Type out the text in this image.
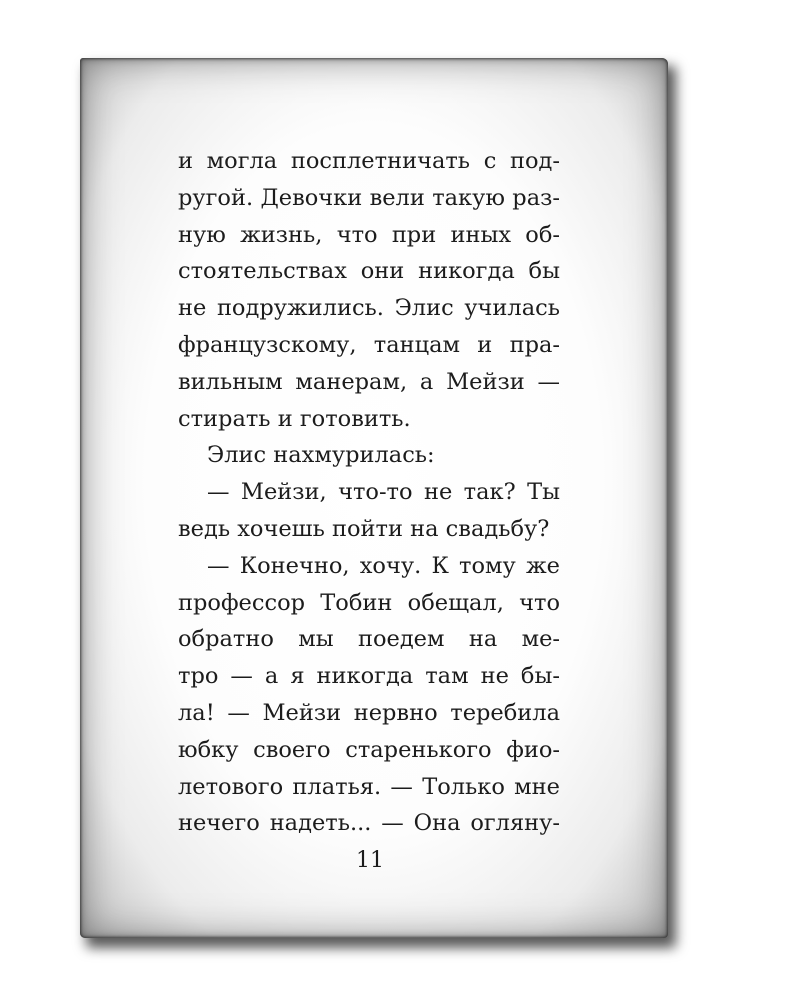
и могла посплетничать с под-
ругой. Девочки вели такую раз-
ную жизнь, что при иных об-
стоятельствах они никогда бы
не подружились. Элис училась
французскому, танцам и пра-
вильным манерам, а Мейзи —
стирать и готовить.
Элис нахмурилась:
— Мейзи, что-то не так? Ты
ведь хочешь пойти на свадьбу?
— Конечно, хочу. К тому же
профессор Тобин обещал, что
обратно мы поедем на ме-
тро — а я никогда там не бы-
ла! — Мейзи нервно теребила
юбку своего старенького фио-
летового платья. — Только мне
нечего надеть... — Она огляну-
11
